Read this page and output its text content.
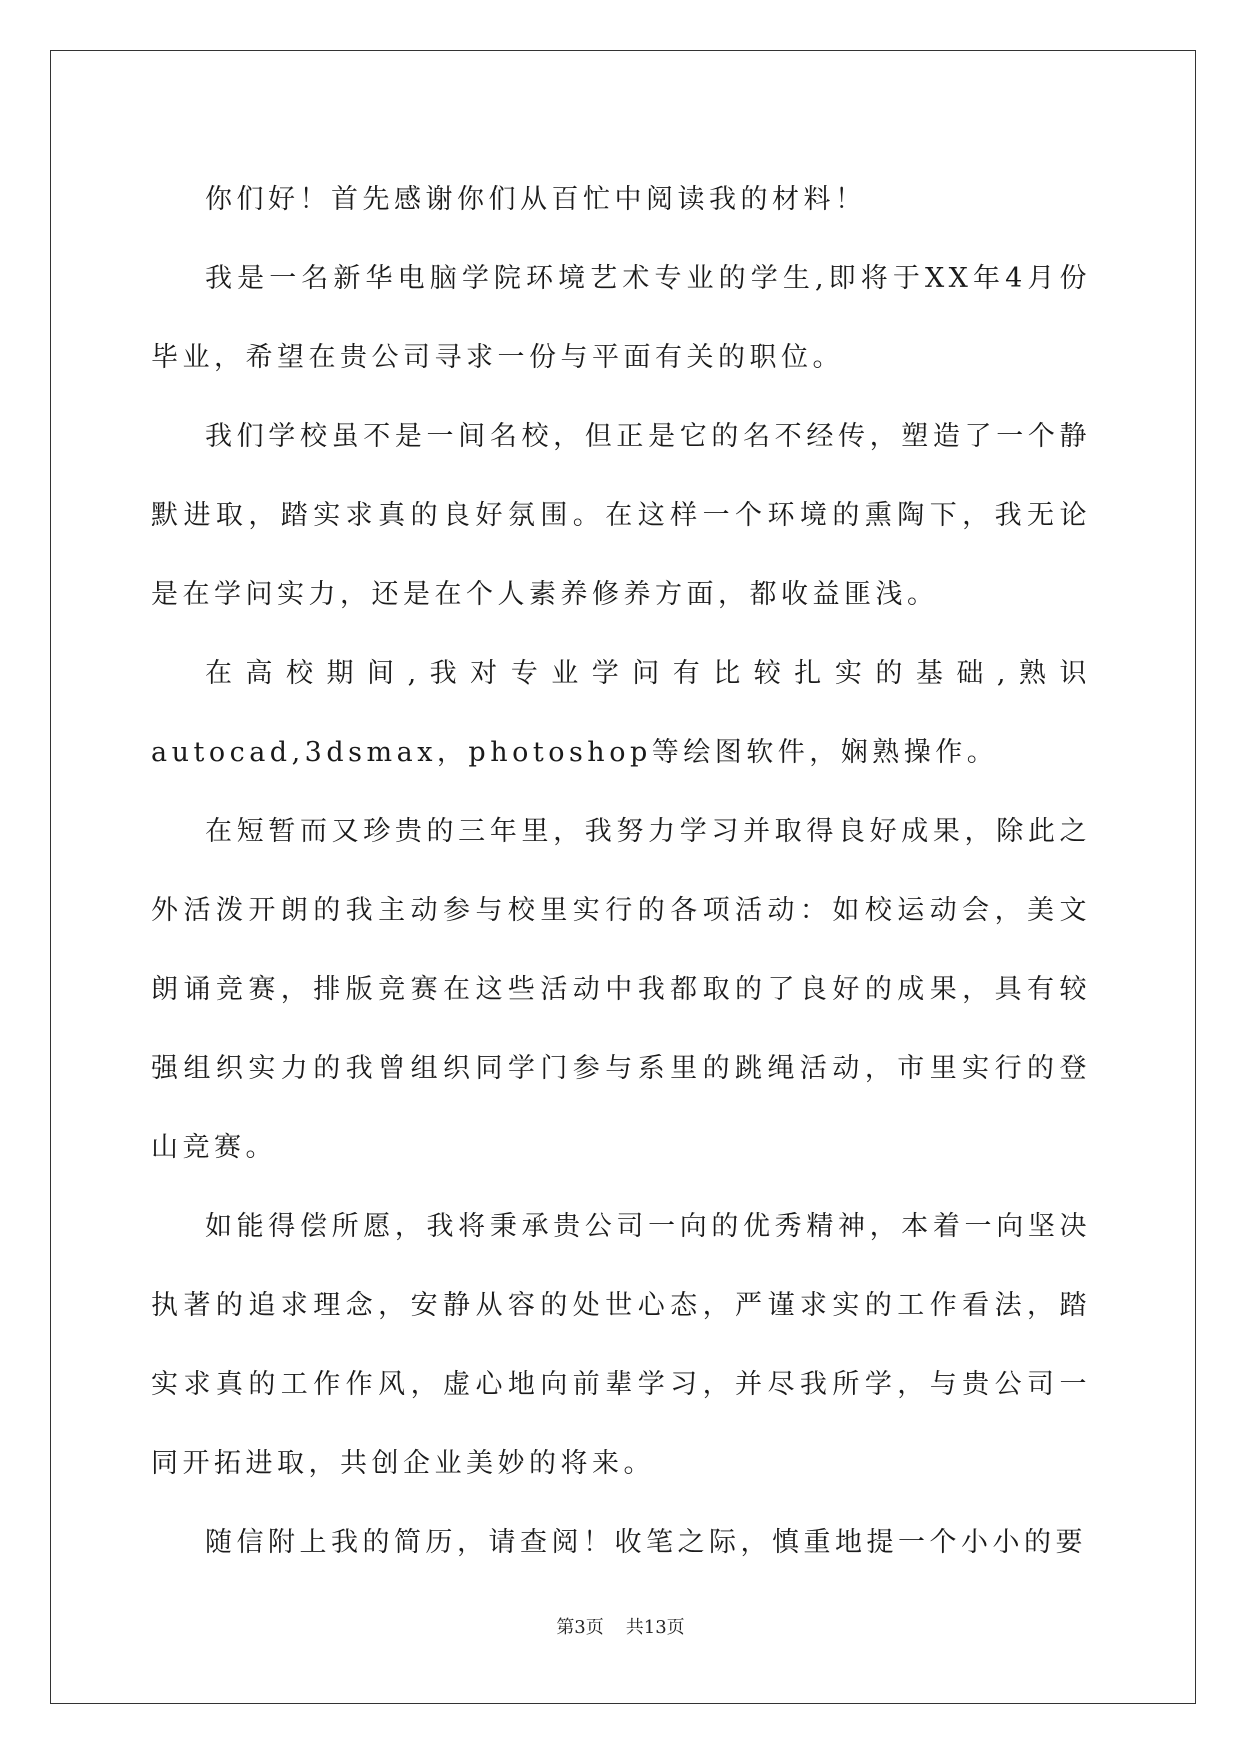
你们好！首先感谢你们从百忙中阅读我的材料！

我是一名新华电脑学院环境艺术专业的学生,即将于XX年4月份毕业，希望在贵公司寻求一份与平面有关的职位。

我们学校虽不是一间名校，但正是它的名不经传，塑造了一个静默进取，踏实求真的良好氛围。在这样一个环境的熏陶下，我无论是在学问实力，还是在个人素养修养方面，都收益匪浅。

在高校期间,我对专业学问有比较扎实的基础,熟识autocad,3dsmax，photoshop等绘图软件，娴熟操作。

在短暂而又珍贵的三年里，我努力学习并取得良好成果，除此之外活泼开朗的我主动参与校里实行的各项活动：如校运动会，美文朗诵竞赛，排版竞赛在这些活动中我都取的了良好的成果，具有较强组织实力的我曾组织同学门参与系里的跳绳活动，市里实行的登山竞赛。

如能得偿所愿，我将秉承贵公司一向的优秀精神，本着一向坚决执著的追求理念，安静从容的处世心态，严谨求实的工作看法，踏实求真的工作作风，虚心地向前辈学习，并尽我所学，与贵公司一同开拓进取，共创企业美妙的将来。

随信附上我的简历，请查阅！收笔之际，慎重地提一个小小的要

第3页 共13页
